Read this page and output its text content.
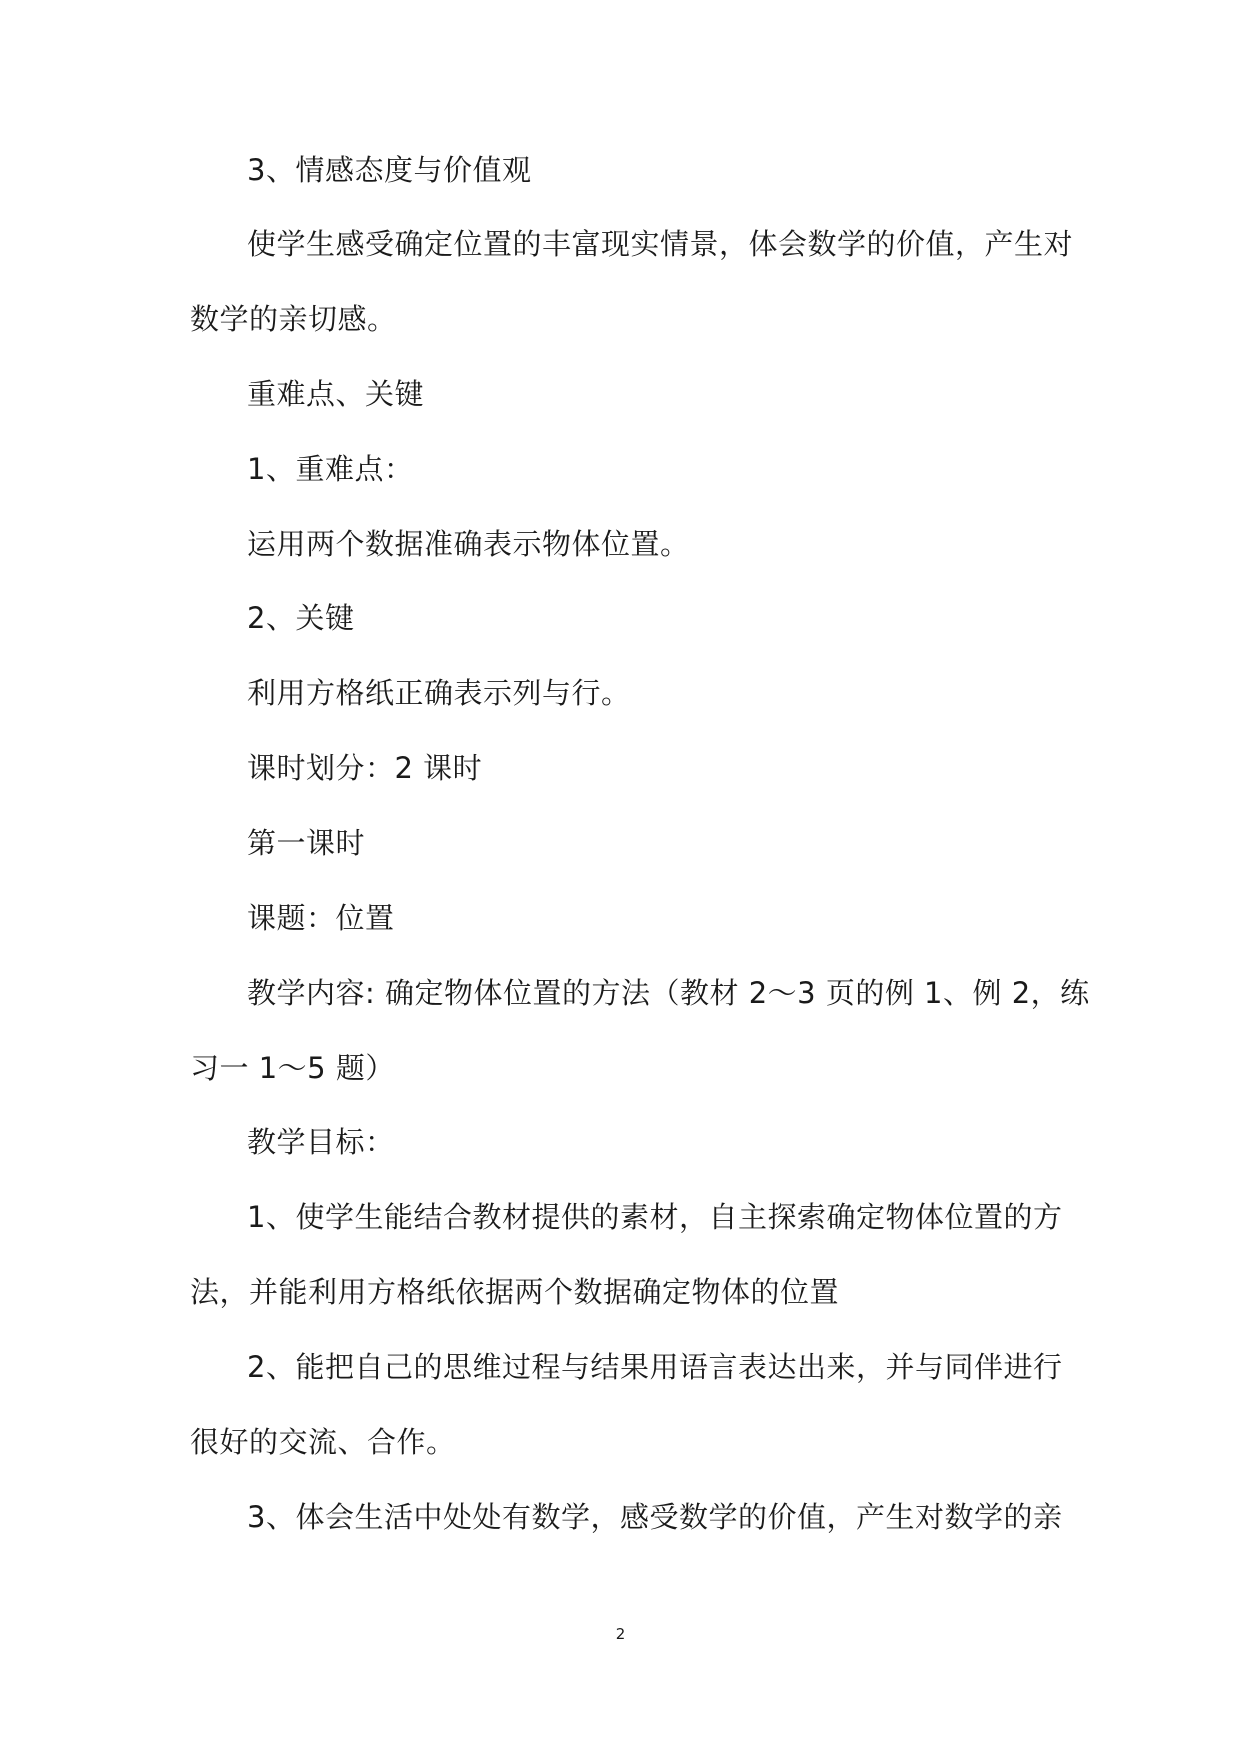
3、情感态度与价值观
使学生感受确定位置的丰富现实情景，体会数学的价值，产生对
数学的亲切感。
重难点、关键
1、重难点：
运用两个数据准确表示物体位置。
2、关键
利用方格纸正确表示列与行。
课时划分：2 课时
第一课时
课题：位置
教学内容: 确定物体位置的方法（教材 2～3 页的例 1、例 2，练
习一 1～5 题）
教学目标：
1、使学生能结合教材提供的素材，自主探索确定物体位置的方
法，并能利用方格纸依据两个数据确定物体的位置
2、能把自己的思维过程与结果用语言表达出来，并与同伴进行
很好的交流、合作。
3、体会生活中处处有数学，感受数学的价值，产生对数学的亲
2
